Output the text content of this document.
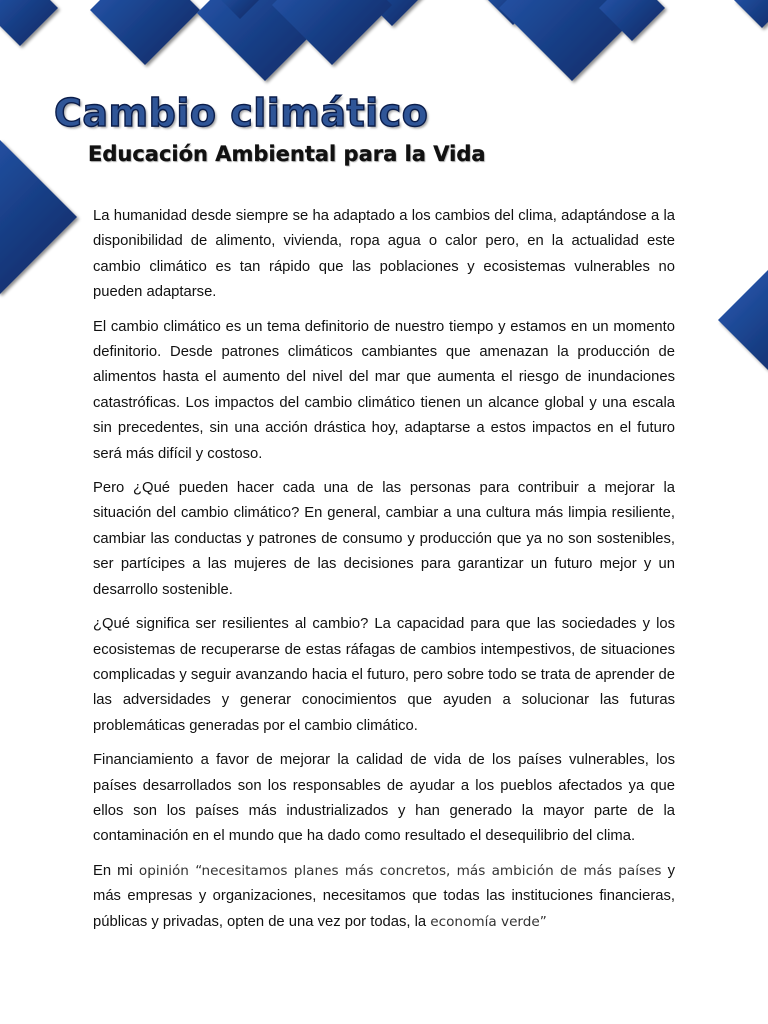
Cambio climático
Educación Ambiental para la Vida

La humanidad desde siempre se ha adaptado a los cambios del clima, adaptándose a la disponibilidad de alimento, vivienda, ropa agua o calor pero, en la actualidad este cambio climático es tan rápido que las poblaciones y ecosistemas vulnerables no pueden adaptarse.

El cambio climático es un tema definitorio de nuestro tiempo y estamos en un momento definitorio. Desde patrones climáticos cambiantes que amenazan la producción de alimentos hasta el aumento del nivel del mar que aumenta el riesgo de inundaciones catastróficas. Los impactos del cambio climático tienen un alcance global y una escala sin precedentes, sin una acción drástica hoy, adaptarse a estos impactos en el futuro será más difícil y costoso.

Pero ¿Qué pueden hacer cada una de las personas para contribuir a mejorar la situación del cambio climático? En general, cambiar a una cultura más limpia resiliente, cambiar las conductas y patrones de consumo y producción que ya no son sostenibles, ser partícipes a las mujeres de las decisiones para garantizar un futuro mejor y un desarrollo sostenible.

¿Qué significa ser resilientes al cambio? La capacidad para que las sociedades y los ecosistemas de recuperarse de estas ráfagas de cambios intempestivos, de situaciones complicadas y seguir avanzando hacia el futuro, pero sobre todo se trata de aprender de las adversidades y generar conocimientos que ayuden a solucionar las futuras problemáticas generadas por el cambio climático.

Financiamiento a favor de mejorar la calidad de vida de los países vulnerables, los países desarrollados son los responsables de ayudar a los pueblos afectados ya que ellos son los países más industrializados y han generado la mayor parte de la contaminación en el mundo que ha dado como resultado el desequilibrio del clima.

En mi opinión “necesitamos planes más concretos, más ambición de más países y más empresas y organizaciones, necesitamos que todas las instituciones financieras, públicas y privadas, opten de una vez por todas, la economía verde”
